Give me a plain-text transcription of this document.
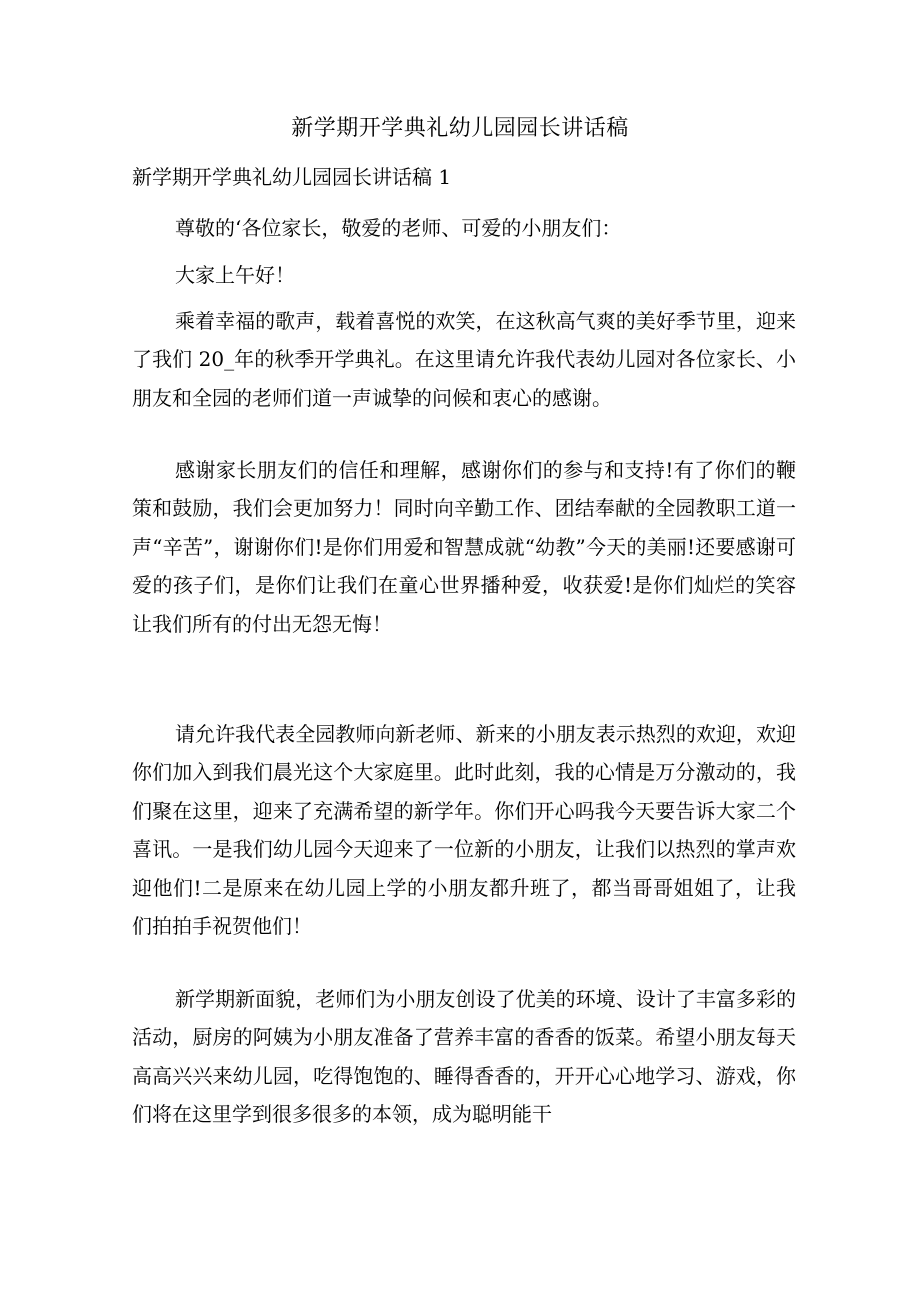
新学期开学典礼幼儿园园长讲话稿
新学期开学典礼幼儿园园长讲话稿 1

尊敬的‘各位家长，敬爱的老师、可爱的小朋友们：

大家上午好！

乘着幸福的歌声，载着喜悦的欢笑，在这秋高气爽的美好季节里，迎来了我们 20_年的秋季开学典礼。在这里请允许我代表幼儿园对各位家长、小朋友和全园的老师们道一声诚挚的问候和衷心的感谢。

感谢家长朋友们的信任和理解，感谢你们的参与和支持!有了你们的鞭策和鼓励，我们会更加努力！同时向辛勤工作、团结奉献的全园教职工道一声“辛苦”，谢谢你们!是你们用爱和智慧成就“幼教”今天的美丽!还要感谢可爱的孩子们，是你们让我们在童心世界播种爱，收获爱!是你们灿烂的笑容让我们所有的付出无怨无悔！

请允许我代表全园教师向新老师、新来的小朋友表示热烈的欢迎，欢迎你们加入到我们晨光这个大家庭里。此时此刻，我的心情是万分激动的，我们聚在这里，迎来了充满希望的新学年。你们开心吗我今天要告诉大家二个喜讯。一是我们幼儿园今天迎来了一位新的小朋友，让我们以热烈的掌声欢迎他们!二是原来在幼儿园上学的小朋友都升班了，都当哥哥姐姐了，让我们拍拍手祝贺他们！

新学期新面貌，老师们为小朋友创设了优美的环境、设计了丰富多彩的活动，厨房的阿姨为小朋友准备了营养丰富的香香的饭菜。希望小朋友每天高高兴兴来幼儿园，吃得饱饱的、睡得香香的，开开心心地学习、游戏，你们将在这里学到很多很多的本领，成为聪明能干
